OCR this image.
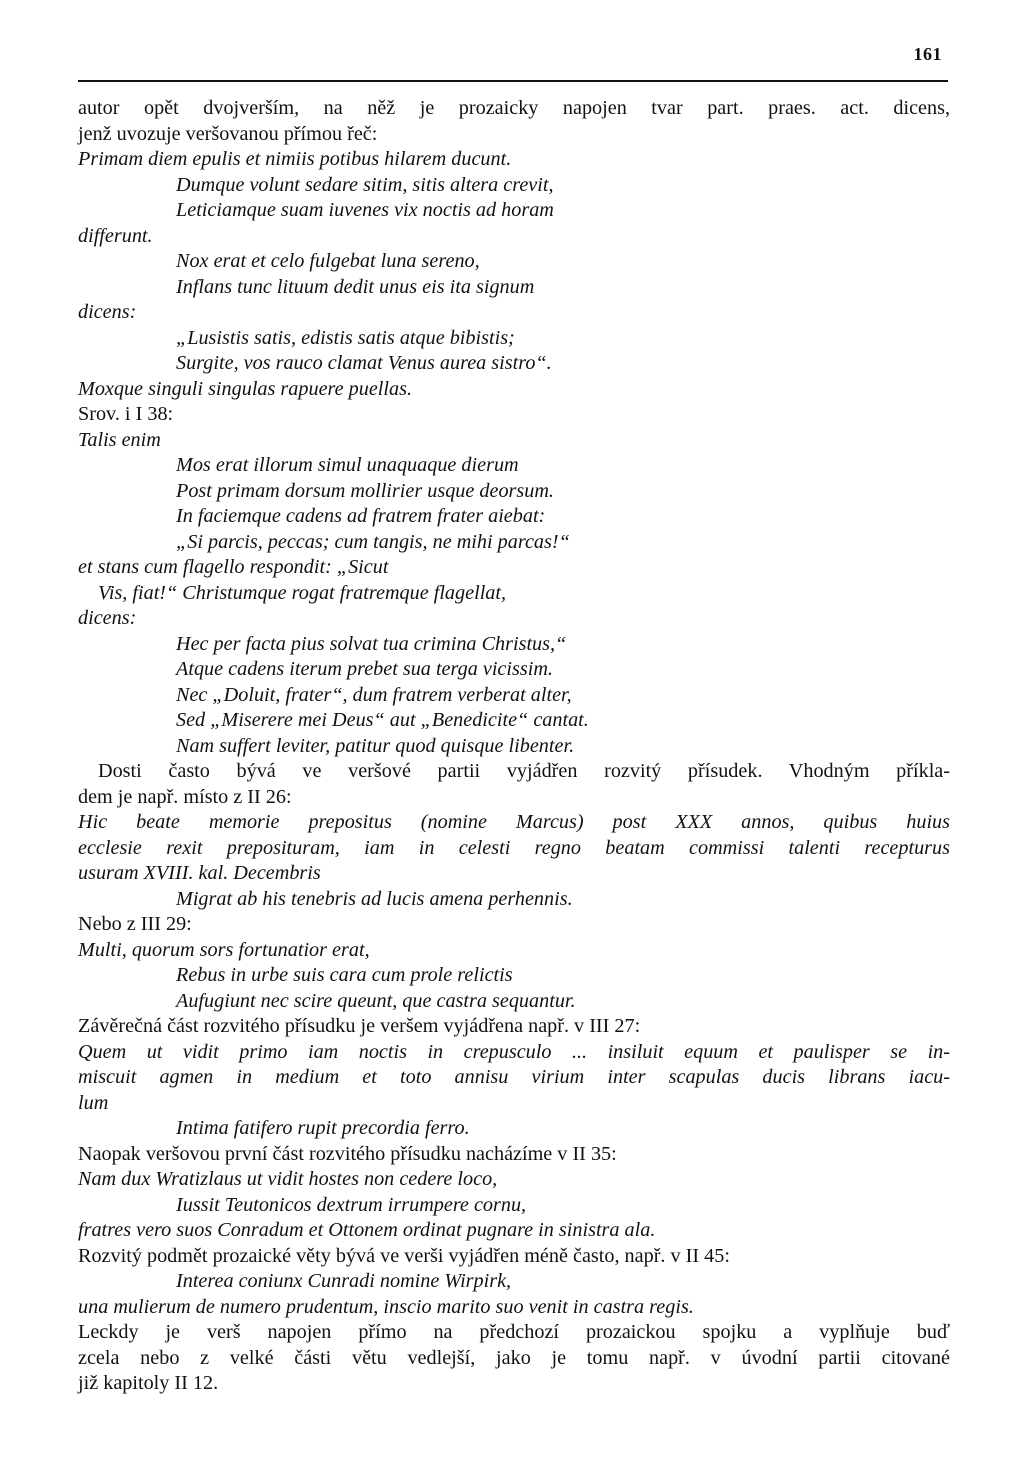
161
autor opět dvojverším, na něž je prozaicky napojen tvar part. praes. act. dicens,
jenž uvozuje veršovanou přímou řeč:
Primam diem epulis et nimiis potibus hilarem ducunt.
Dumque volunt sedare sitim, sitis altera crevit,
Leticiamque suam iuvenes vix noctis ad horam
differunt.
Nox erat et celo fulgebat luna sereno,
Inflans tunc lituum dedit unus eis ita signum
dicens:
„Lusistis satis, edistis satis atque bibistis;
Surgite, vos rauco clamat Venus aurea sistro“.
Moxque singuli singulas rapuere puellas.
Srov. i I 38:
Talis enim
Mos erat illorum simul unaquaque dierum
Post primam dorsum mollirier usque deorsum.
In faciemque cadens ad fratrem frater aiebat:
„Si parcis, peccas; cum tangis, ne mihi parcas!“
et stans cum flagello respondit: „Sicut
Vis, fiat!“ Christumque rogat fratremque flagellat,
dicens:
Hec per facta pius solvat tua crimina Christus,“
Atque cadens iterum prebet sua terga vicissim.
Nec „Doluit, frater“, dum fratrem verberat alter,
Sed „Miserere mei Deus“ aut „Benedicite“ cantat.
Nam suffert leviter, patitur quod quisque libenter.
Dosti často bývá ve veršové partii vyjádřen rozvitý přísudek. Vhodným příkla-
dem je např. místo z II 26:
Hic beate memorie prepositus (nomine Marcus) post XXX annos, quibus huius
ecclesie rexit preposituram, iam in celesti regno beatam commissi talenti recepturus
usuram XVIII. kal. Decembris
Migrat ab his tenebris ad lucis amena perhennis.
Nebo z III 29:
Multi, quorum sors fortunatior erat,
Rebus in urbe suis cara cum prole relictis
Aufugiunt nec scire queunt, que castra sequantur.
Závěrečná část rozvitého přísudku je veršem vyjádřena např. v III 27:
Quem ut vidit primo iam noctis in crepusculo ... insiluit equum et paulisper se in-
miscuit agmen in medium et toto annisu virium inter scapulas ducis librans iacu-
lum
Intima fatifero rupit precordia ferro.
Naopak veršovou první část rozvitého přísudku nacházíme v II 35:
Nam dux Wratizlaus ut vidit hostes non cedere loco,
Iussit Teutonicos dextrum irrumpere cornu,
fratres vero suos Conradum et Ottonem ordinat pugnare in sinistra ala.
Rozvitý podmět prozaické věty bývá ve verši vyjádřen méně často, např. v II 45:
Interea coniunx Cunradi nomine Wirpirk,
una mulierum de numero prudentum, inscio marito suo venit in castra regis.
Leckdy je verš napojen přímo na předchozí prozaickou spojku a vyplňuje buď
zcela nebo z velké části větu vedlejší, jako je tomu např. v úvodní partii citované
již kapitoly II 12.
